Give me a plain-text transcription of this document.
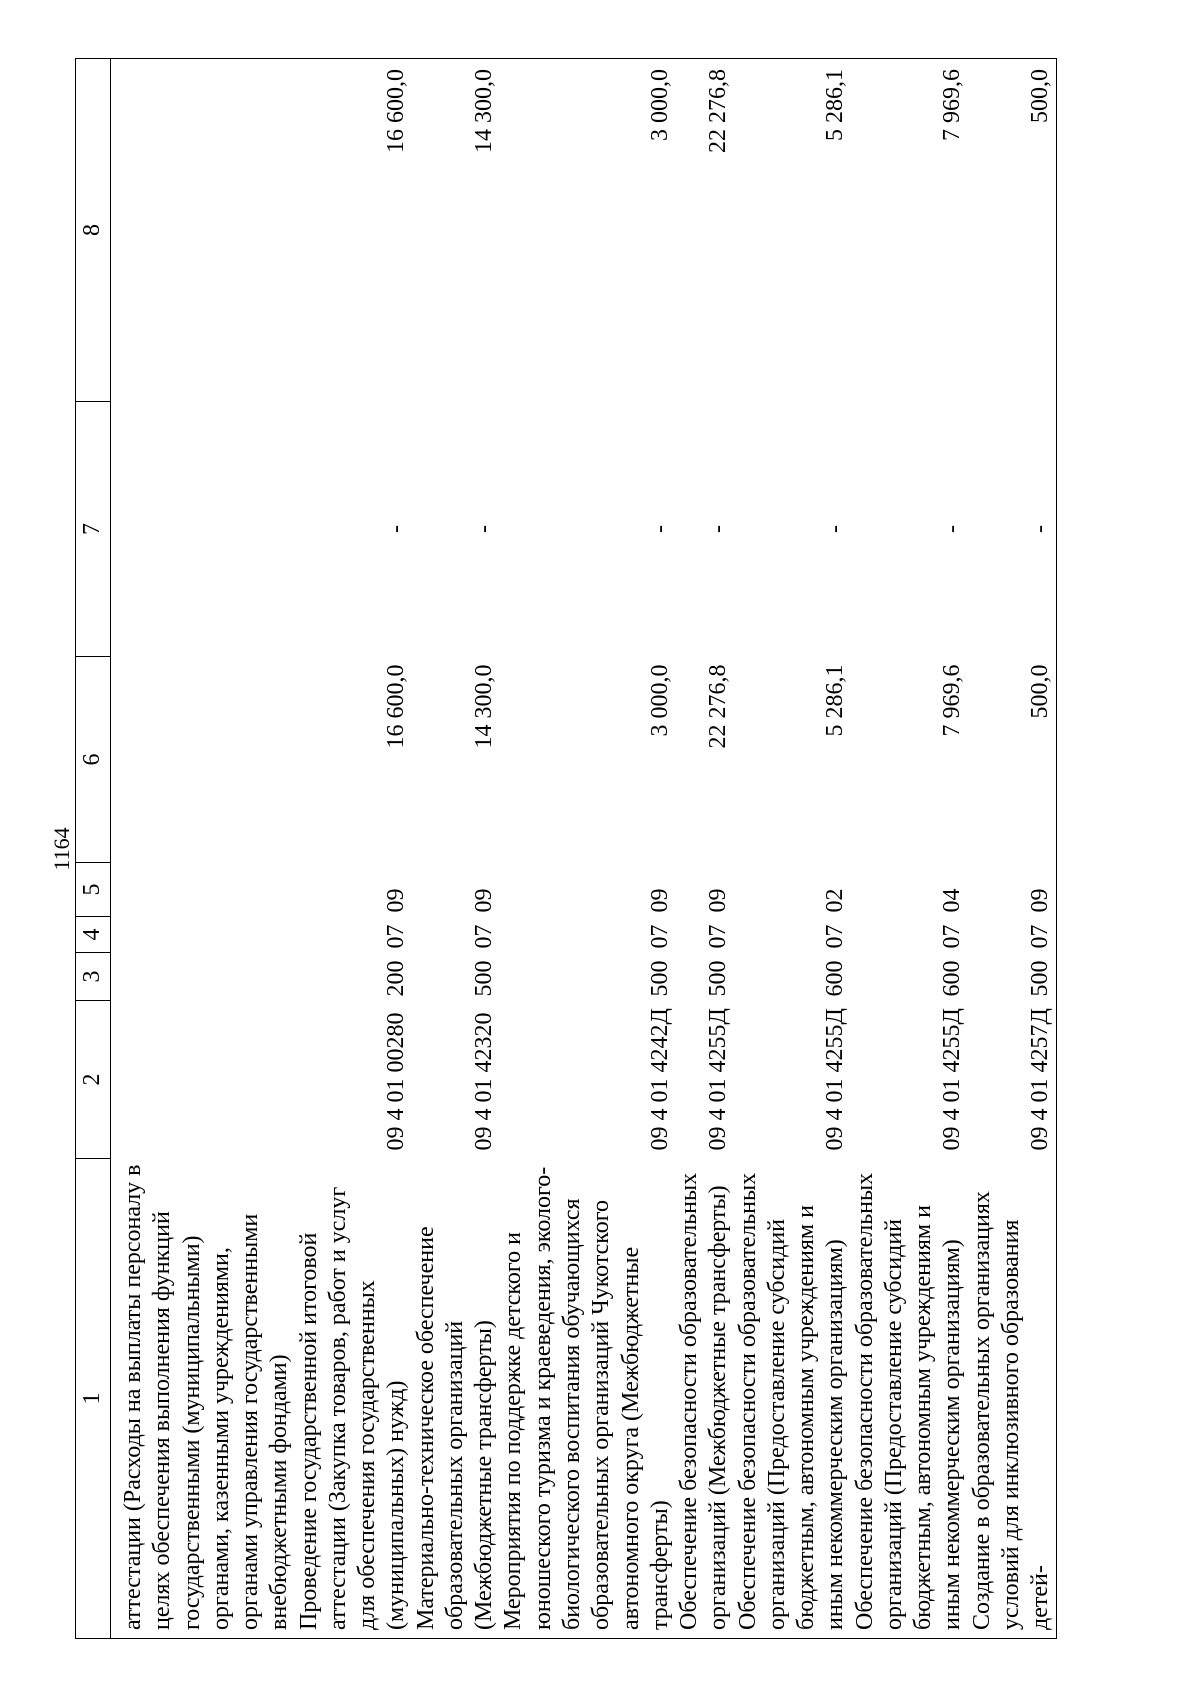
1164
1	2	3	4	5	6	7	8
аттестации (Расходы на выплаты персоналу в целях обеспечения выполнения функций государственными (муниципальными) органами, казенными учреждениями, органами управления государственными внебюджетными фондами)							
Проведение государственной итоговой аттестации (Закупка товаров, работ и услуг для обеспечения государственных (муниципальных) нужд)	09 4 01 00280	200	07	09	16 600,0	-	16 600,0
Материально-техническое обеспечение образовательных организаций (Межбюджетные трансферты)	09 4 01 42320	500	07	09	14 300,0	-	14 300,0
Мероприятия по поддержке детского и юношеского туризма и краеведения, эколого-биологического воспитания обучающихся образовательных организаций Чукотского автономного округа (Межбюджетные трансферты)	09 4 01 4242Д	500	07	09	3 000,0	-	3 000,0
Обеспечение безопасности образовательных организаций (Межбюджетные трансферты)	09 4 01 4255Д	500	07	09	22 276,8	-	22 276,8
Обеспечение безопасности образовательных организаций (Предоставление субсидий бюджетным, автономным учреждениям и иным некоммерческим организациям)	09 4 01 4255Д	600	07	02	5 286,1	-	5 286,1
Обеспечение безопасности образовательных организаций (Предоставление субсидий бюджетным, автономным учреждениям и иным некоммерческим организациям)	09 4 01 4255Д	600	07	04	7 969,6	-	7 969,6
Создание в образовательных организациях условий для инклюзивного образования детей-	09 4 01 4257Д	500	07	09	500,0	-	500,0
